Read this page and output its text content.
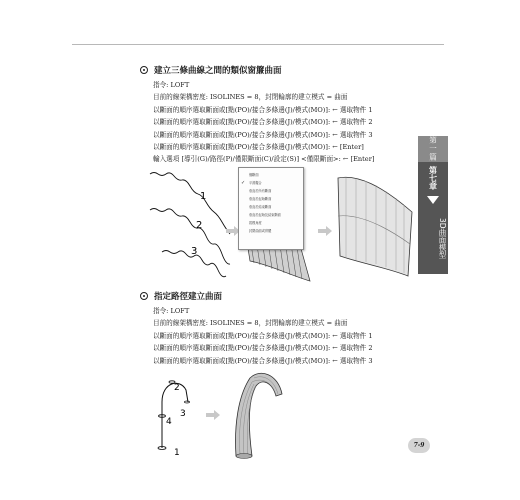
建立三條曲線之間的類似窗簾曲面
指令: LOFT
目前的線架構密度: ISOLINES = 8，封閉輪廓的建立模式 = 曲面
以斷面的順序選取斷面或[點(PO)/接合多條邊(J)/模式(MO)]: ← 選取物件 1
以斷面的順序選取斷面或[點(PO)/接合多條邊(J)/模式(MO)]: ← 選取物件 2
以斷面的順序選取斷面或[點(PO)/接合多條邊(J)/模式(MO)]: ← 選取物件 3
以斷面的順序選取斷面或[點(PO)/接合多條邊(J)/模式(MO)]: ← [Enter]
輸入選項 [導引(G)/路徑(P)/僅限斷面(C)/設定(S)] <僅限斷面>: ← [Enter]
1
2
3
僅斷面
✓ 平滑擬合
垂直於所有斷面
垂直於起始斷面
垂直於結束斷面
垂直於起始及結束斷面
拔模角度
封閉曲面或實體
指定路徑建立曲面
指令: LOFT
目前的線架構密度: ISOLINES = 8，封閉輪廓的建立模式 = 曲面
以斷面的順序選取斷面或[點(PO)/接合多條邊(J)/模式(MO)]: ← 選取物件 1
以斷面的順序選取斷面或[點(PO)/接合多條邊(J)/模式(MO)]: ← 選取物件 2
以斷面的順序選取斷面或[點(PO)/接合多條邊(J)/模式(MO)]: ← 選取物件 3
1
2
3
4
第一篇
第七章
3D曲面模型
7-9
